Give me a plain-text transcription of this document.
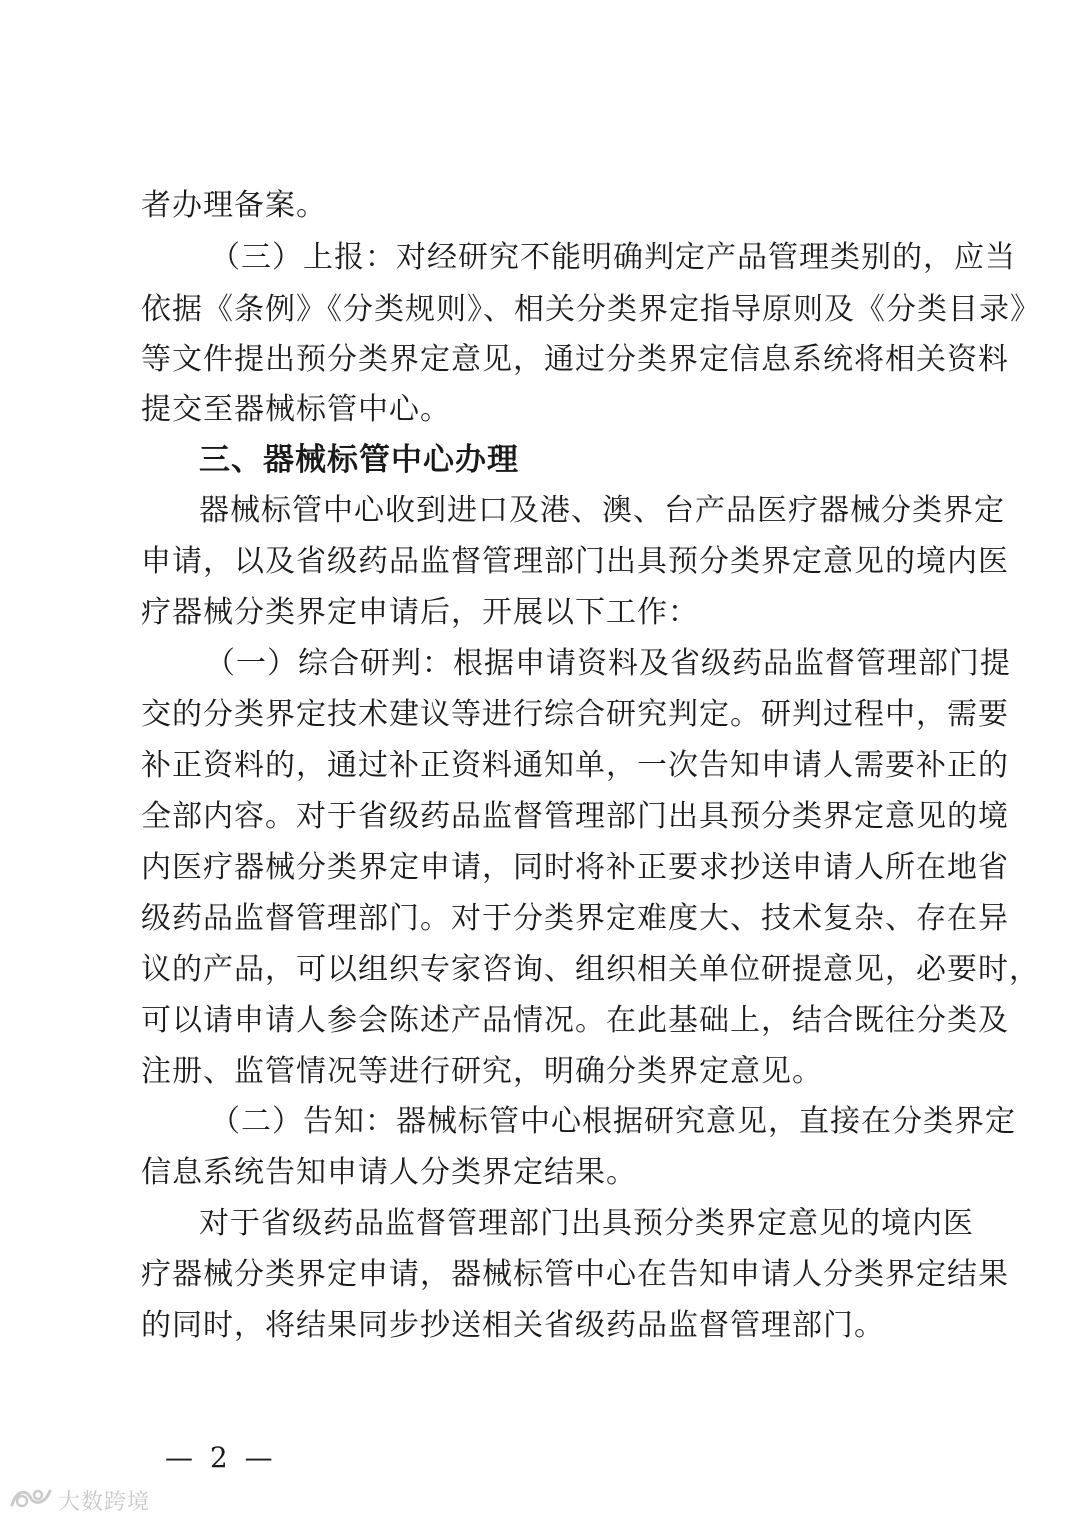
者办理备案。
（三）上报：对经研究不能明确判定产品管理类别的，应当
依据《条例》《分类规则》、相关分类界定指导原则及《分类目录》
等文件提出预分类界定意见，通过分类界定信息系统将相关资料
提交至器械标管中心。
三、器械标管中心办理
器械标管中心收到进口及港、澳、台产品医疗器械分类界定
申请，以及省级药品监督管理部门出具预分类界定意见的境内医
疗器械分类界定申请后，开展以下工作：
（一）综合研判：根据申请资料及省级药品监督管理部门提
交的分类界定技术建议等进行综合研究判定。研判过程中，需要
补正资料的，通过补正资料通知单，一次告知申请人需要补正的
全部内容。对于省级药品监督管理部门出具预分类界定意见的境
内医疗器械分类界定申请，同时将补正要求抄送申请人所在地省
级药品监督管理部门。对于分类界定难度大、技术复杂、存在异
议的产品，可以组织专家咨询、组织相关单位研提意见，必要时，
可以请申请人参会陈述产品情况。在此基础上，结合既往分类及
注册、监管情况等进行研究，明确分类界定意见。
（二）告知：器械标管中心根据研究意见，直接在分类界定
信息系统告知申请人分类界定结果。
对于省级药品监督管理部门出具预分类界定意见的境内医
疗器械分类界定申请，器械标管中心在告知申请人分类界定结果
的同时，将结果同步抄送相关省级药品监督管理部门。
— 2 —
大数跨境
